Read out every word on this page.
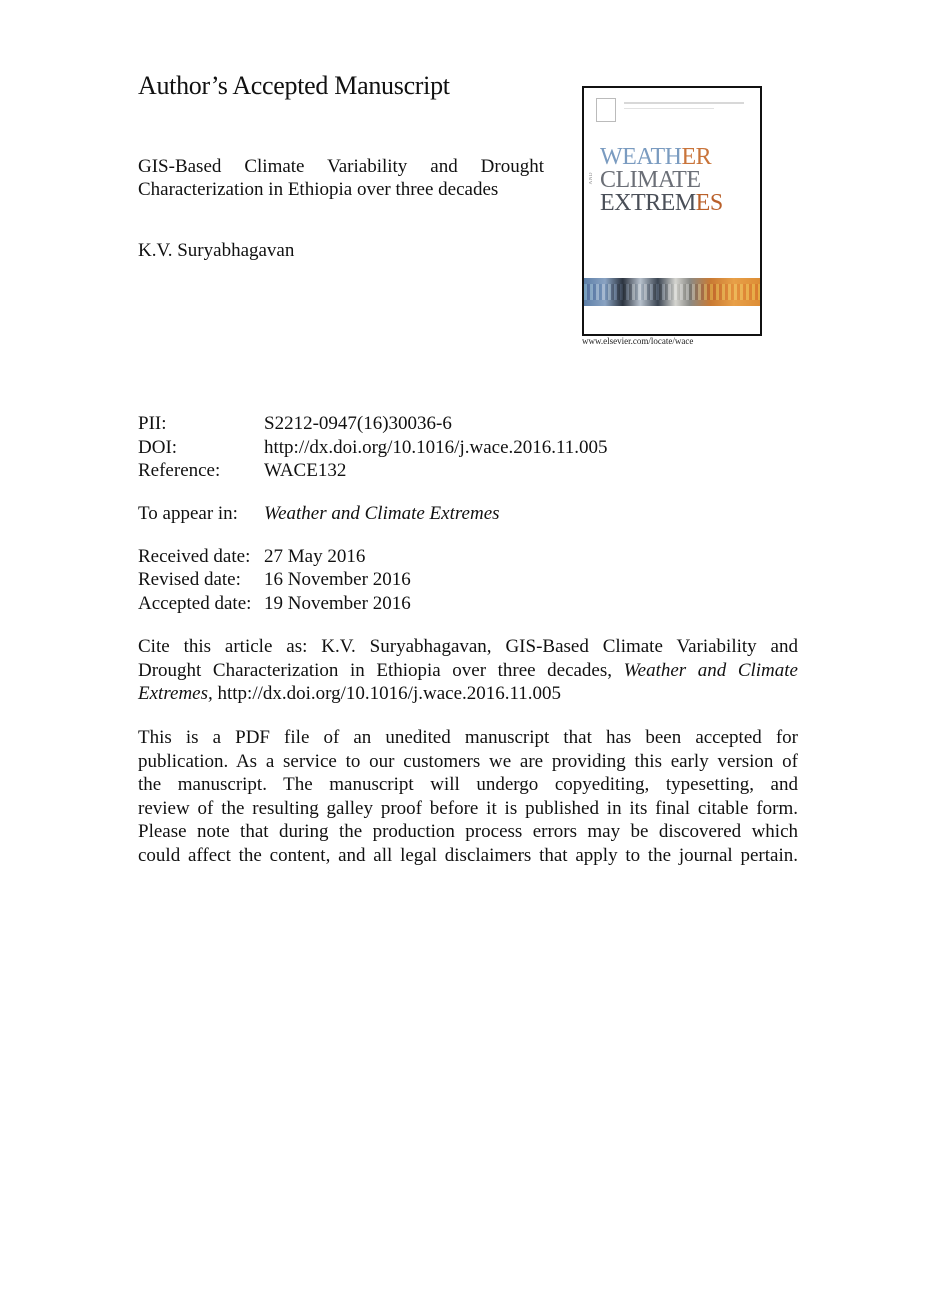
Author’s Accepted Manuscript
GIS-Based Climate Variability and Drought Characterization in Ethiopia over three decades
K.V. Suryabhagavan
AND
WEATHER
CLIMATE
EXTREMES
www.elsevier.com/locate/wace
PII:	S2212-0947(16)30036-6
DOI:	http://dx.doi.org/10.1016/j.wace.2016.11.005
Reference: WACE132
To appear in: Weather and Climate Extremes
Received date: 27 May 2016
Revised date: 16 November 2016
Accepted date: 19 November 2016
Cite this article as: K.V. Suryabhagavan, GIS-Based Climate Variability and
Drought Characterization in Ethiopia over three decades, Weather and Climate
Extremes, http://dx.doi.org/10.1016/j.wace.2016.11.005
This is a PDF file of an unedited manuscript that has been accepted for
publication. As a service to our customers we are providing this early version of
the manuscript. The manuscript will undergo copyediting, typesetting, and
review of the resulting galley proof before it is published in its final citable form.
Please note that during the production process errors may be discovered which
could affect the content, and all legal disclaimers that apply to the journal pertain.
